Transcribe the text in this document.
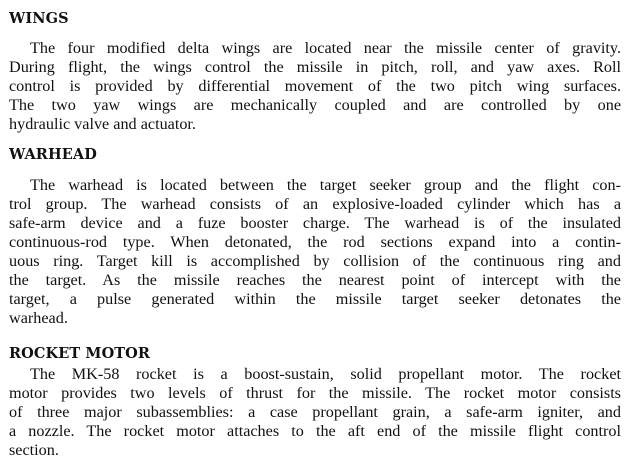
WINGS

The four modified delta wings are located near the missile center of gravity.

During flight, the wings control the missile in pitch, roll, and yaw axes. Roll

control is provided by differential movement of the two pitch wing surfaces.

The two yaw wings are mechanically coupled and are controlled by one

hydraulic valve and actuator.

WARHEAD

The warhead is located between the target seeker group and the flight con-

trol group. The warhead consists of an explosive-loaded cylinder which has a

safe-arm device and a fuze booster charge. The warhead is of the insulated

continuous-rod type. When detonated, the rod sections expand into a contin-

uous ring. Target kill is accomplished by collision of the continuous ring and

the target. As the missile reaches the nearest point of intercept with the

target, a pulse generated within the missile target seeker detonates the

warhead.

ROCKET MOTOR

The MK-58 rocket is a boost-sustain, solid propellant motor. The rocket

motor provides two levels of thrust for the missile. The rocket motor consists

of three major subassemblies: a case propellant grain, a safe-arm igniter, and

a nozzle. The rocket motor attaches to the aft end of the missile flight control

section.
